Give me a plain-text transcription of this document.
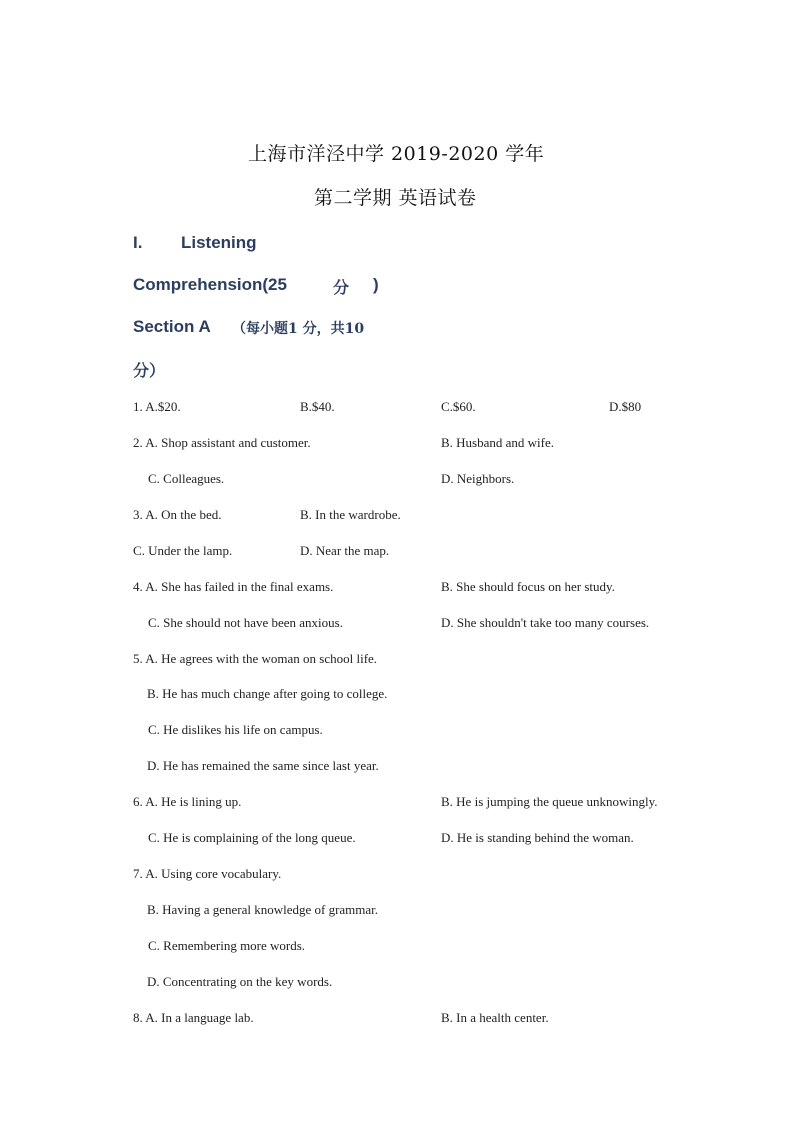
上海市洋泾中学 2019-2020 学年
第二学期 英语试卷
I. Listening
Comprehension(25	分 )
Section A （每小题1 分，共10
分）
1. A.$20.	B.$40.	C.$60.	D.$80
2. A. Shop assistant and customer.	B. Husband and wife.
C. Colleagues.	D. Neighbors.
3. A. On the bed.	B. In the wardrobe.
C. Under the lamp.	D. Near the map.
4. A. She has failed in the final exams.	B. She should focus on her study.
C. She should not have been anxious.	D. She shouldn't take too many courses.
5. A. He agrees with the woman on school life.
B. He has much change after going to college.
C. He dislikes his life on campus.
D. He has remained the same since last year.
6. A. He is lining up.	B. He is jumping the queue unknowingly.
C. He is complaining of the long queue.	D. He is standing behind the woman.
7. A. Using core vocabulary.
B. Having a general knowledge of grammar.
C. Remembering more words.
D. Concentrating on the key words.
8. A. In a language lab.	B. In a health center.
